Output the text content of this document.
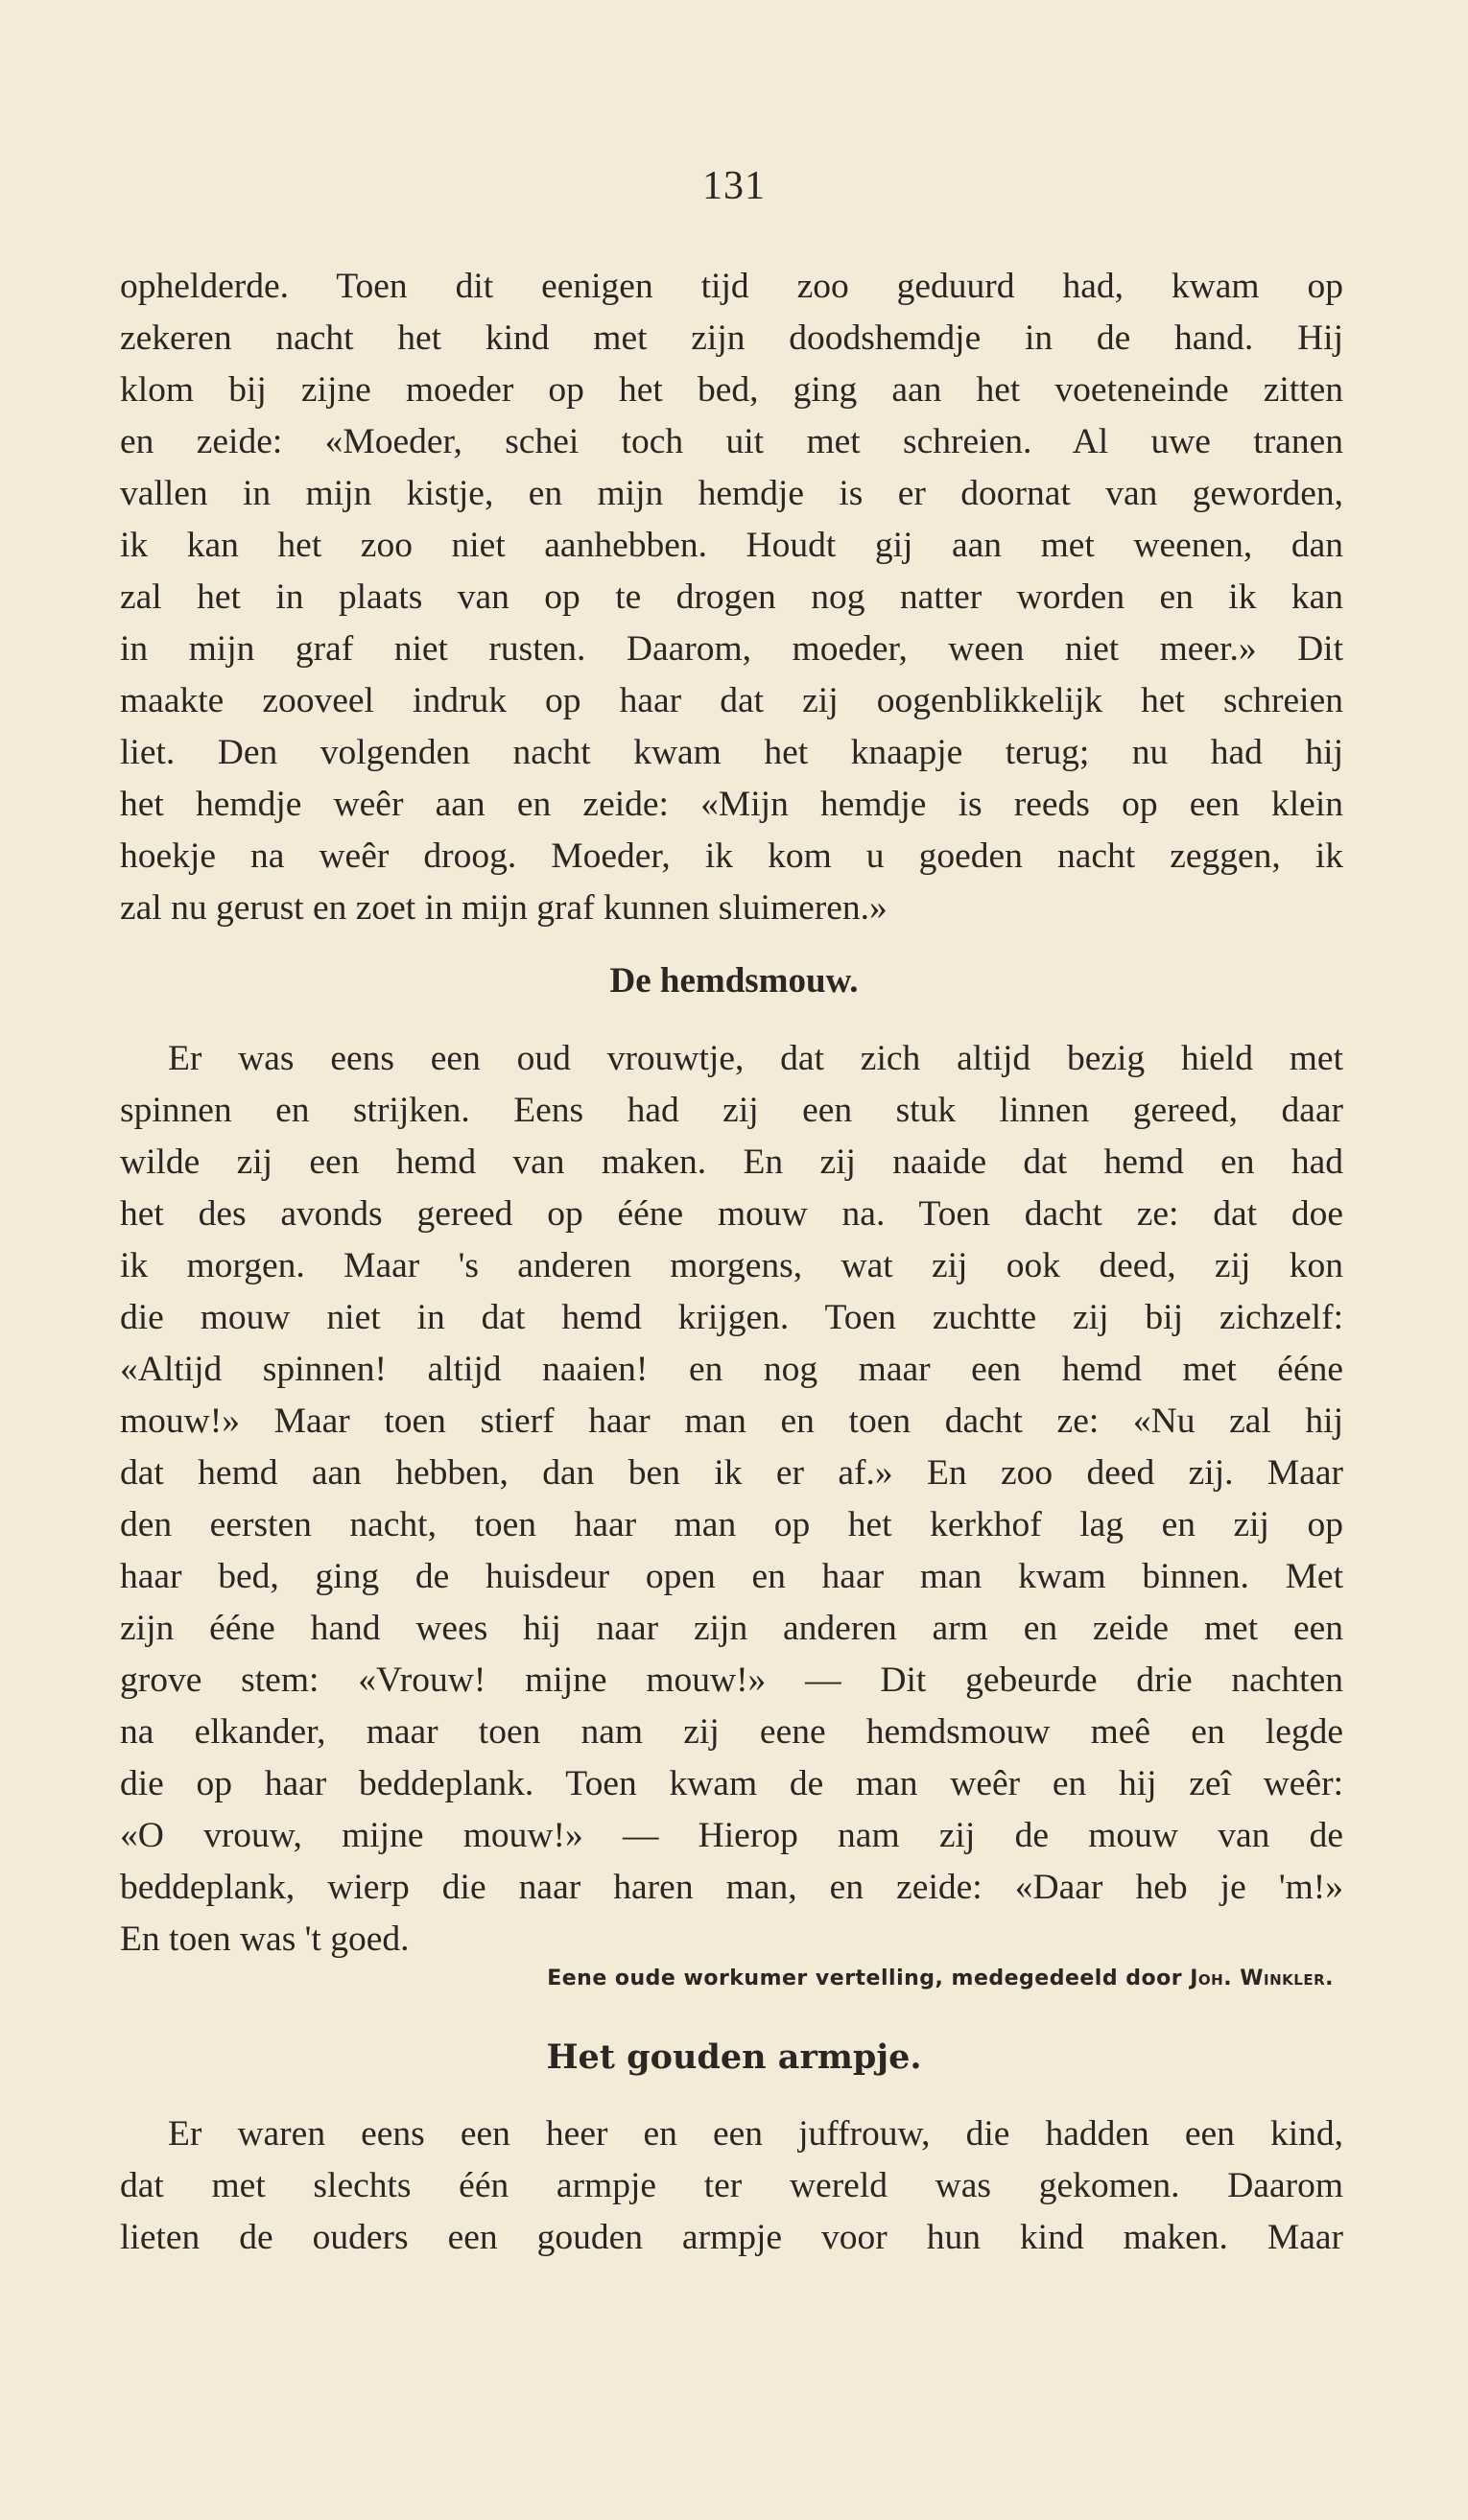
131
ophelderde. Toen dit eenigen tijd zoo geduurd had, kwam op
zekeren nacht het kind met zijn doodshemdje in de hand. Hij
klom bij zijne moeder op het bed, ging aan het voeteneinde zitten
en zeide: «Moeder, schei toch uit met schreien. Al uwe tranen
vallen in mijn kistje, en mijn hemdje is er doornat van geworden,
ik kan het zoo niet aanhebben. Houdt gij aan met weenen, dan
zal het in plaats van op te drogen nog natter worden en ik kan
in mijn graf niet rusten. Daarom, moeder, ween niet meer.» Dit
maakte zooveel indruk op haar dat zij oogenblikkelijk het schreien
liet. Den volgenden nacht kwam het knaapje terug; nu had hij
het hemdje weêr aan en zeide: «Mijn hemdje is reeds op een klein
hoekje na weêr droog. Moeder, ik kom u goeden nacht zeggen, ik
zal nu gerust en zoet in mijn graf kunnen sluimeren.»
De hemdsmouw.
Er was eens een oud vrouwtje, dat zich altijd bezig hield met
spinnen en strijken. Eens had zij een stuk linnen gereed, daar
wilde zij een hemd van maken. En zij naaide dat hemd en had
het des avonds gereed op ééne mouw na. Toen dacht ze: dat doe
ik morgen. Maar 's anderen morgens, wat zij ook deed, zij kon
die mouw niet in dat hemd krijgen. Toen zuchtte zij bij zichzelf:
«Altijd spinnen! altijd naaien! en nog maar een hemd met ééne
mouw!» Maar toen stierf haar man en toen dacht ze: «Nu zal hij
dat hemd aan hebben, dan ben ik er af.» En zoo deed zij. Maar
den eersten nacht, toen haar man op het kerkhof lag en zij op
haar bed, ging de huisdeur open en haar man kwam binnen. Met
zijn ééne hand wees hij naar zijn anderen arm en zeide met een
grove stem: «Vrouw! mijne mouw!» — Dit gebeurde drie nachten
na elkander, maar toen nam zij eene hemdsmouw meê en legde
die op haar beddeplank. Toen kwam de man weêr en hij zeî weêr:
«O vrouw, mijne mouw!» — Hierop nam zij de mouw van de
beddeplank, wierp die naar haren man, en zeide: «Daar heb je 'm!»
En toen was 't goed.
Eene oude workumer vertelling, medegedeeld door Joh. Winkler.
Het gouden armpje.
Er waren eens een heer en een juffrouw, die hadden een kind,
dat met slechts één armpje ter wereld was gekomen. Daarom
lieten de ouders een gouden armpje voor hun kind maken. Maar
